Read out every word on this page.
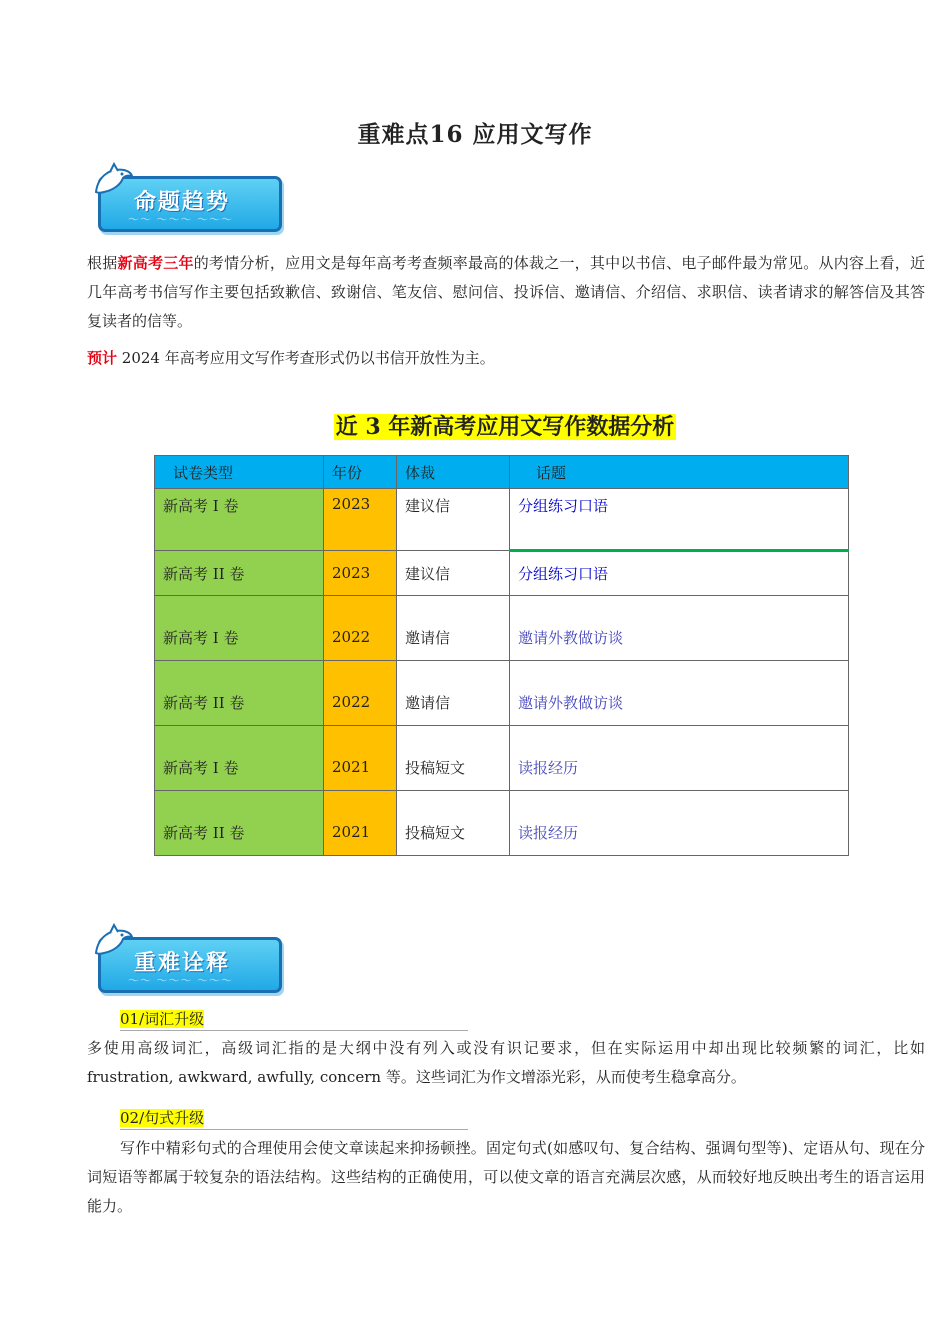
重难点16 应用文写作
命题趋势
～～ ～～～ ～～～
根据新高考三年的考情分析，应用文是每年高考考查频率最高的体裁之一，其中以书信、电子邮件最为常见。从内容上看，近几年高考书信写作主要包括致歉信、致谢信、笔友信、慰问信、投诉信、邀请信、介绍信、求职信、读者请求的解答信及其答复读者的信等。
预计 2024 年高考应用文写作考查形式仍以书信开放性为主。
近 3 年新高考应用文写作数据分析
试卷类型	年份	体裁	话题
新高考 I 卷	2023	建议信	分组练习口语
新高考 II 卷	2023	建议信	分组练习口语
新高考 I 卷	2022	邀请信	邀请外教做访谈
新高考 II 卷	2022	邀请信	邀请外教做访谈
新高考 I 卷	2021	投稿短文	读报经历
新高考 II 卷	2021	投稿短文	读报经历
重难诠释
～～ ～～～ ～～～
01/词汇升级
多使用高级词汇，高级词汇指的是大纲中没有列入或没有识记要求，但在实际运用中却出现比较频繁的词汇，比如 frustration, awkward, awfully, concern 等。这些词汇为作文增添光彩，从而使考生稳拿高分。
02/句式升级
写作中精彩句式的合理使用会使文章读起来抑扬顿挫。固定句式(如感叹句、复合结构、强调句型等)、定语从句、现在分词短语等都属于较复杂的语法结构。这些结构的正确使用，可以使文章的语言充满层次感，从而较好地反映出考生的语言运用能力。
